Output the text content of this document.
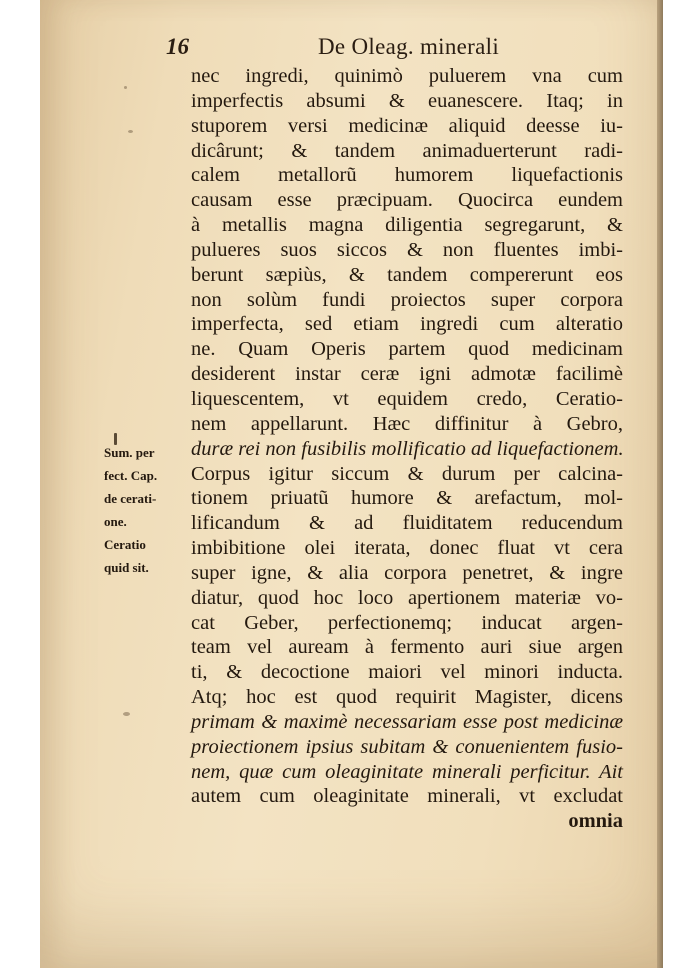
16	De Oleag. minerali
nec ingredi, quinimò puluerem vna cum
imperfectis absumi & euanescere. Itaq; in
stuporem versi medicinæ aliquid deesse iu-
dicârunt; & tandem animaduerterunt radi-
calem metallorũ humorem liquefactionis
causam esse præcipuam. Quocirca eundem
à metallis magna diligentia segregarunt, &
pulueres suos siccos & non fluentes imbi-
berunt sæpiùs, & tandem compererunt eos
non solùm fundi proiectos super corpora
imperfecta, sed etiam ingredi cum alteratio
ne. Quam Operis partem quod medicinam
desiderent instar ceræ igni admotæ facilimè
liquescentem, vt equidem credo, Ceratio-
nem appellarunt. Hæc diffinitur à Gebro,
duræ rei non fusibilis mollificatio ad liquefactionem.
Corpus igitur siccum & durum per calcina-
tionem priuatũ humore & arefactum, mol-
lificandum & ad fluiditatem reducendum
imbibitione olei iterata, donec fluat vt cera
super igne, & alia corpora penetret, & ingre
diatur, quod hoc loco apertionem materiæ vo-
cat Geber, perfectionemq; inducat argen-
team vel auream à fermento auri siue argen
ti, & decoctione maiori vel minori inducta.
Atq; hoc est quod requirit Magister, dicens
primam & maximè necessariam esse post medicinæ
proiectionem ipsius subitam & conuenientem fusio-
nem, quæ cum oleaginitate minerali perficitur. Ait
autem cum oleaginitate minerali, vt excludat
omnia
Sum. per
fect. Cap.
de cerati-
one.
Ceratio
quid sit.
